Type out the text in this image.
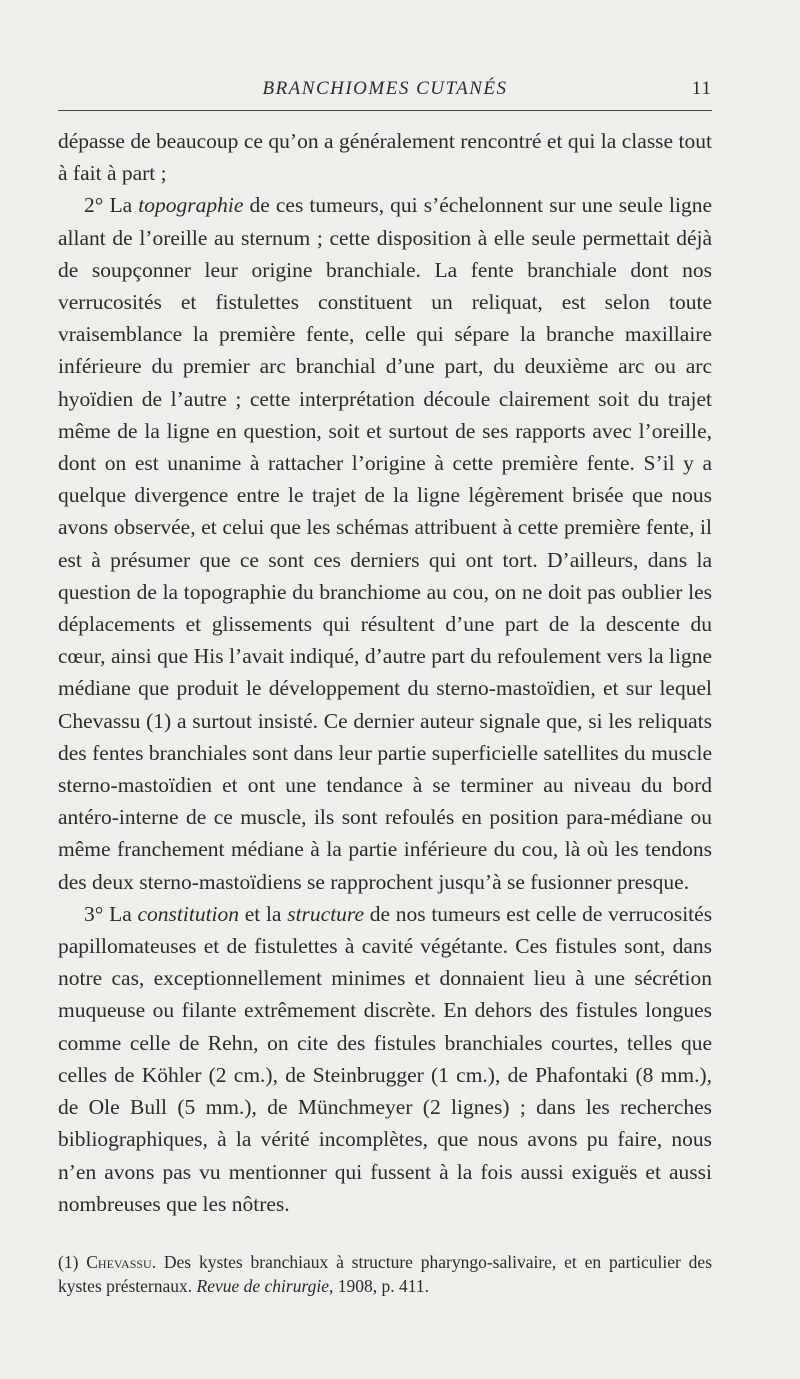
BRANCHIOMES CUTANÉS	11

dépasse de beaucoup ce qu’on a généralement rencontré et qui la classe tout à fait à part ;

2° La topographie de ces tumeurs, qui s’échelonnent sur une seule ligne allant de l’oreille au sternum ; cette disposition à elle seule permettait déjà de soupçonner leur origine branchiale. La fente branchiale dont nos verrucosités et fistulettes constituent un reliquat, est selon toute vraisemblance la première fente, celle qui sépare la branche maxillaire inférieure du premier arc branchial d’une part, du deuxième arc ou arc hyoïdien de l’autre ; cette interprétation découle clairement soit du trajet même de la ligne en question, soit et surtout de ses rapports avec l’oreille, dont on est unanime à rattacher l’origine à cette première fente. S’il y a quelque divergence entre le trajet de la ligne légèrement brisée que nous avons observée, et celui que les schémas attribuent à cette première fente, il est à présumer que ce sont ces derniers qui ont tort. D’ailleurs, dans la question de la topographie du branchiome au cou, on ne doit pas oublier les déplacements et glissements qui résultent d’une part de la descente du cœur, ainsi que His l’avait indiqué, d’autre part du refoulement vers la ligne médiane que produit le développement du sterno-mastoïdien, et sur lequel Chevassu (1) a surtout insisté. Ce dernier auteur signale que, si les reliquats des fentes branchiales sont dans leur partie superficielle satellites du muscle sterno-mastoïdien et ont une tendance à se terminer au niveau du bord antéro-interne de ce muscle, ils sont refoulés en position para-médiane ou même franchement médiane à la partie inférieure du cou, là où les tendons des deux sterno-mastoïdiens se rapprochent jusqu’à se fusionner presque.

3° La constitution et la structure de nos tumeurs est celle de verrucosités papillomateuses et de fistulettes à cavité végétante. Ces fistules sont, dans notre cas, exceptionnellement minimes et donnaient lieu à une sécrétion muqueuse ou filante extrêmement discrète. En dehors des fistules longues comme celle de Rehn, on cite des fistules branchiales courtes, telles que celles de Köhler (2 cm.), de Steinbrugger (1 cm.), de Phafontaki (8 mm.), de Ole Bull (5 mm.), de Münchmeyer (2 lignes) ; dans les recherches bibliographiques, à la vérité incomplètes, que nous avons pu faire, nous n’en avons pas vu mentionner qui fussent à la fois aussi exiguës et aussi nombreuses que les nôtres.

(1) Chevassu. Des kystes branchiaux à structure pharyngo-salivaire, et en particulier des kystes présternaux. Revue de chirurgie, 1908, p. 411.
